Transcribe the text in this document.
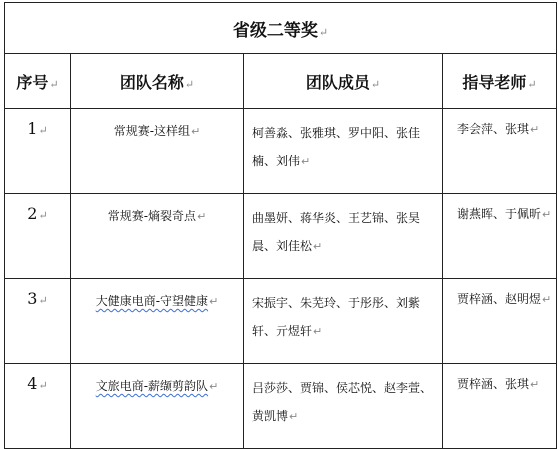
省级二等奖↵			
序号↵	团队名称↵	团队成员↵	指导老师↵
1↵	常规赛-这样组↵	柯善淼、张雅琪、罗中阳、张佳楠、刘伟↵	李会萍、张琪↵
2↵	常规赛-熵裂奇点↵	曲墨妍、蒋华炎、王艺锦、张昊晨、刘佳松↵	谢燕晖、于佩昕↵
3↵	大健康电商-守望健康↵	宋振宇、朱芜玲、于彤彤、刘紫轩、亓煜轩↵	贾梓涵、赵明煜↵
4↵	文旅电商-薪缬剪韵队↵	吕莎莎、贾锦、侯芯悦、赵李萱、黄凯博↵	贾梓涵、张琪↵
